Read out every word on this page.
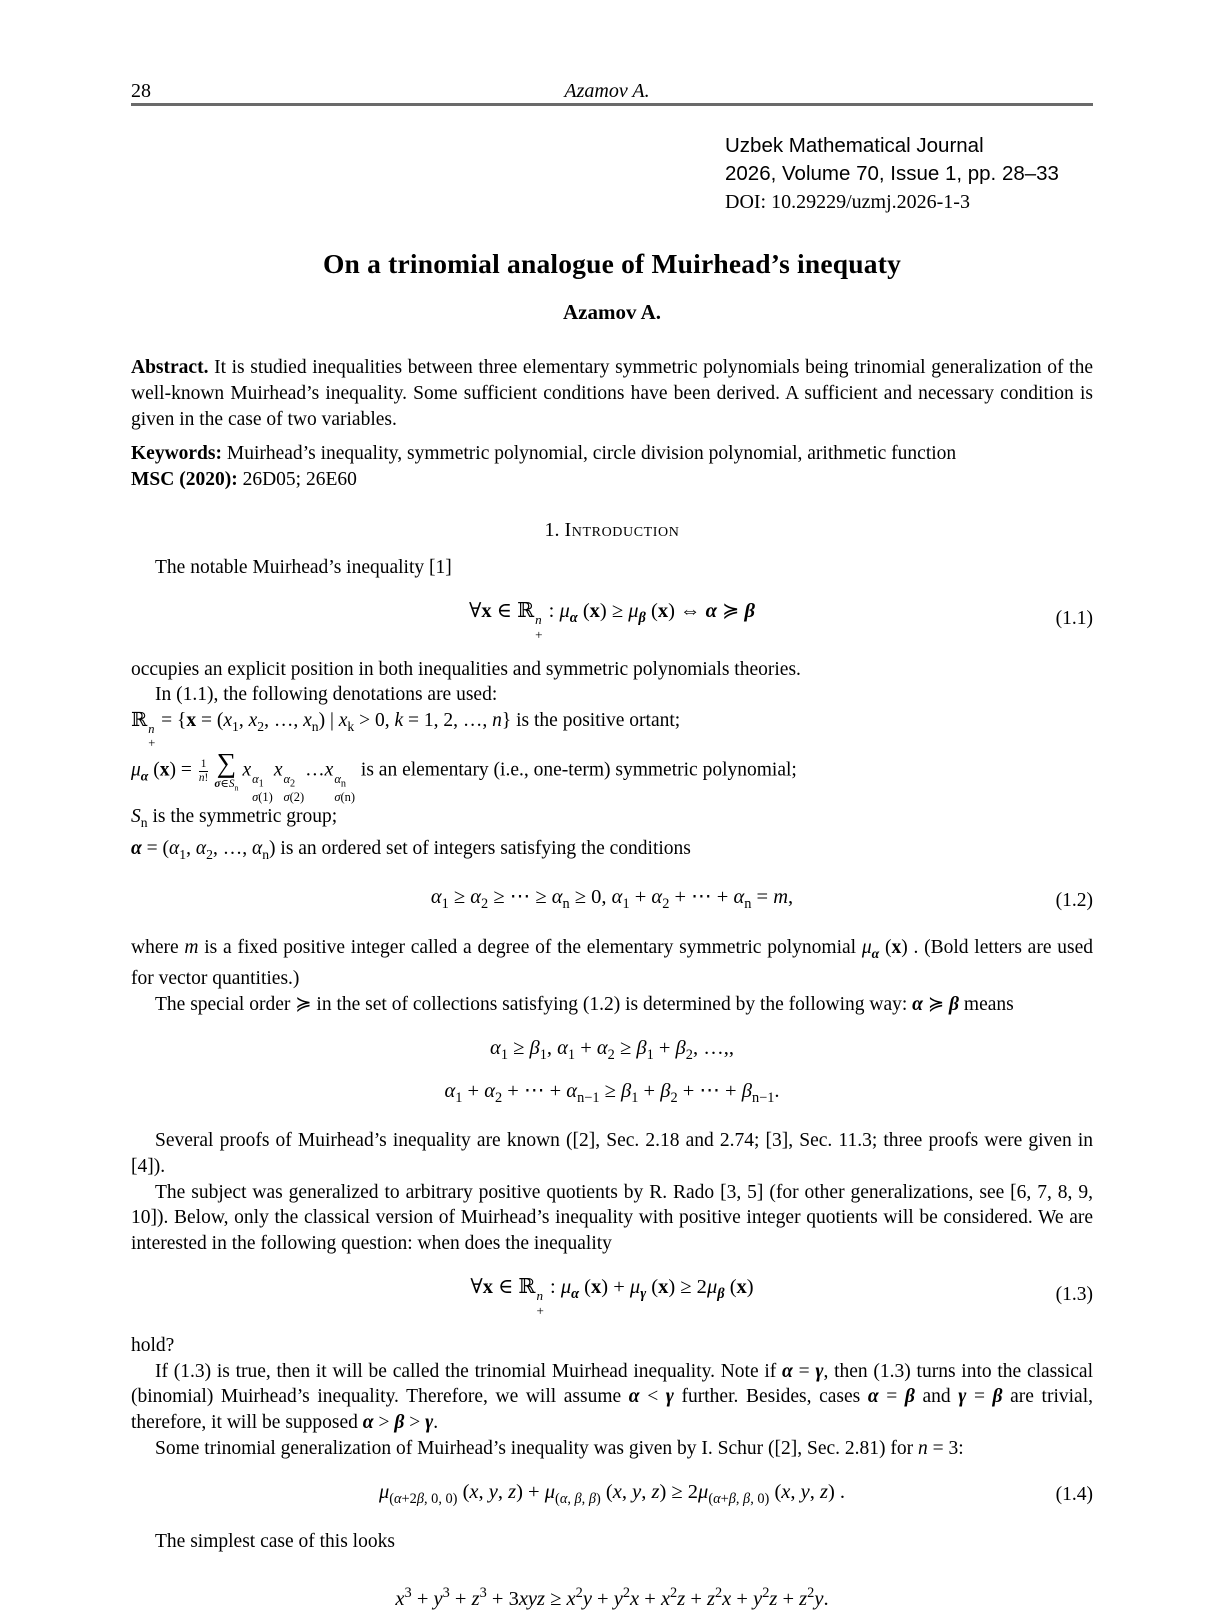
28	Azamov A.
Uzbek Mathematical Journal
2026, Volume 70, Issue 1, pp. 28–33
DOI: 10.29229/uzmj.2026-1-3
On a trinomial analogue of Muirhead’s inequaty
Azamov A.

Abstract. It is studied inequalities between three elementary symmetric polynomials being trinomial generalization of the well-known Muirhead’s inequality. Some sufficient conditions have been derived. A sufficient and necessary condition is given in the case of two variables.

Keywords: Muirhead’s inequality, symmetric polynomial, circle division polynomial, arithmetic function

MSC (2020): 26D05; 26E60

1. Introduction

The notable Muirhead’s inequality [1]

∀x ∈ ℝ n
+
: $\mu_\alpha$ $(x) \ge \mu_\beta$ (x) ⇔ α ≽ β	(1.1)

occupies an explicit position in both inequalities and symmetric polynomials theories.

In (1.1), the following denotations are used:

ℝ n
+
= {$x = (x_1$, $x_2$, …, $x_n$) | $x_k > 0$, k = 1, 2, …, n} is the positive ortant;

$\mu_\alpha$ $(x) = \frac{1}{n!}$ ∑
$\sigma\in S_n$
x $\alpha_1$
σ(1)
x $\alpha_2$
σ(2)
…x $\alpha_n$
σ(n)
is an elementary (i.e., one-term) symmetric polynomial;

$S_n$ is the symmetric group;

$\alpha = (\alpha_1$, $\alpha_2$, …, $\alpha_n$) is an ordered set of integers satisfying the conditions

$\alpha_1 \ge \alpha_2$ ≥ ⋯ ≥ $\alpha_n \ge 0$, $\alpha_1 + \alpha_2$ + ⋯ + $\alpha_n = m$,	(1.2)

where m is a fixed positive integer called a degree of the elementary symmetric polynomial $\mu_\alpha$ (x) . (Bold letters are used for vector quantities.)

The special order ≽ in the set of collections satisfying (1.2) is determined by the following way: α ≽ β means

$\alpha_1 \ge \beta_1$, $\alpha_1 + \alpha_2 \ge \beta_1 + \beta_2$, …,,
$\alpha_1 + \alpha_2$ + ⋯ + $\alpha_{n-1} \ge \beta_1 + \beta_2$ + ⋯ + $\beta_{n-1}$.

Several proofs of Muirhead’s inequality are known ([2], Sec. 2.18 and 2.74; [3], Sec. 11.3; three proofs were given in [4]).

The subject was generalized to arbitrary positive quotients by R. Rado [3, 5] (for other generalizations, see [6, 7, 8, 9, 10]). Below, only the classical version of Muirhead’s inequality with positive integer quotients will be considered. We are interested in the following question: when does the inequality

∀x ∈ ℝ n
+
: $\mu_\alpha$ $(x) + \mu_\gamma$ $(x) \ge 2\mu_\beta$ (x)	(1.3)

hold?

If (1.3) is true, then it will be called the trinomial Muirhead inequality. Note if α = γ, then (1.3) turns into the classical (binomial) Muirhead’s inequality. Therefore, we will assume α < γ further. Besides, cases α = β and γ = β are trivial, therefore, it will be supposed α > β > γ.

Some trinomial generalization of Muirhead’s inequality was given by I. Schur ([2], Sec. 2.81) for n = 3:

$\mu_{(\alpha+2\beta, 0, 0)}$ (x, y, $z) + \mu_{(\alpha, \beta, \beta)}$ (x, y, $z) \ge 2\mu_{(\alpha+\beta, \beta, 0)}$ (x, y, z) .	(1.4)

The simplest case of this looks

$x^3 + y^3 + z^3 + 3xyz \ge x^2y + y^2x + x^2z + z^2x + y^2z + z^2y$.
